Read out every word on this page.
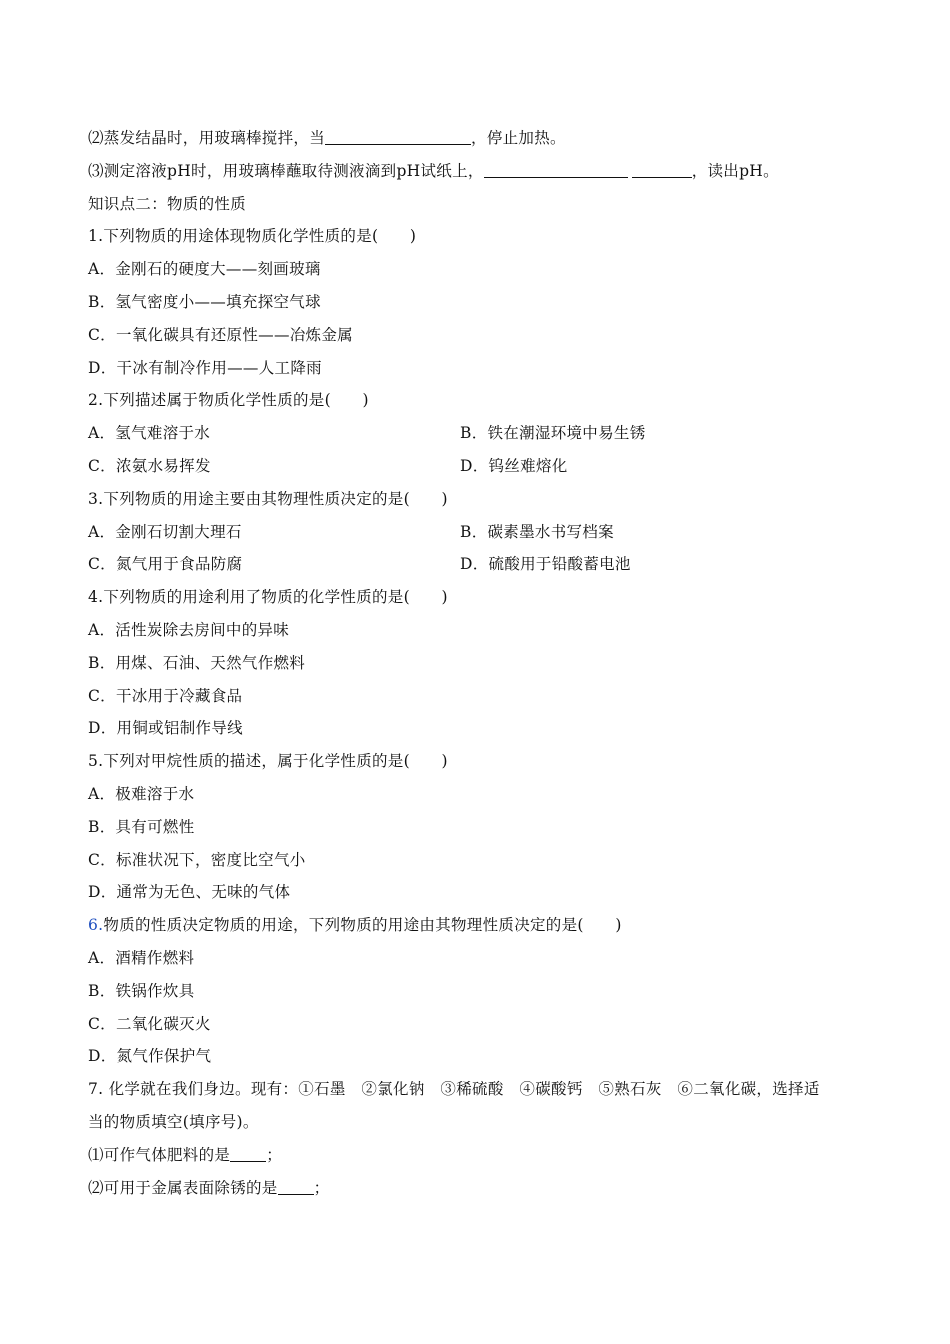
⑵蒸发结晶时，用玻璃棒搅拌，当	，停止加热。
⑶测定溶液pH时，用玻璃棒蘸取待测液滴到pH试纸上，	，读出pH。
知识点二：物质的性质
1.下列物质的用途体现物质化学性质的是(　　)
A．金刚石的硬度大——刻画玻璃
B．氢气密度小——填充探空气球
C．一氧化碳具有还原性——冶炼金属
D．干冰有制冷作用——人工降雨
2.下列描述属于物质化学性质的是(　　)
A．氢气难溶于水	B．铁在潮湿环境中易生锈
C．浓氨水易挥发	D．钨丝难熔化
3.下列物质的用途主要由其物理性质决定的是(　　)
A．金刚石切割大理石	B．碳素墨水书写档案
C．氮气用于食品防腐	D．硫酸用于铅酸蓄电池
4.下列物质的用途利用了物质的化学性质的是(　　)
A．活性炭除去房间中的异味
B．用煤、石油、天然气作燃料
C．干冰用于冷藏食品
D．用铜或铝制作导线
5.下列对甲烷性质的描述，属于化学性质的是(　　)
A．极难溶于水
B．具有可燃性
C．标准状况下，密度比空气小
D．通常为无色、无味的气体
6.物质的性质决定物质的用途，下列物质的用途由其物理性质决定的是(　　)
A．酒精作燃料
B．铁锅作炊具
C．二氧化碳灭火
D．氮气作保护气
7. 化学就在我们身边。现有：①石墨　②氯化钠　③稀硫酸　④碳酸钙　⑤熟石灰　⑥二氧化碳，选择适
当的物质填空(填序号)。
⑴可作气体肥料的是 ；
⑵可用于金属表面除锈的是 ；
